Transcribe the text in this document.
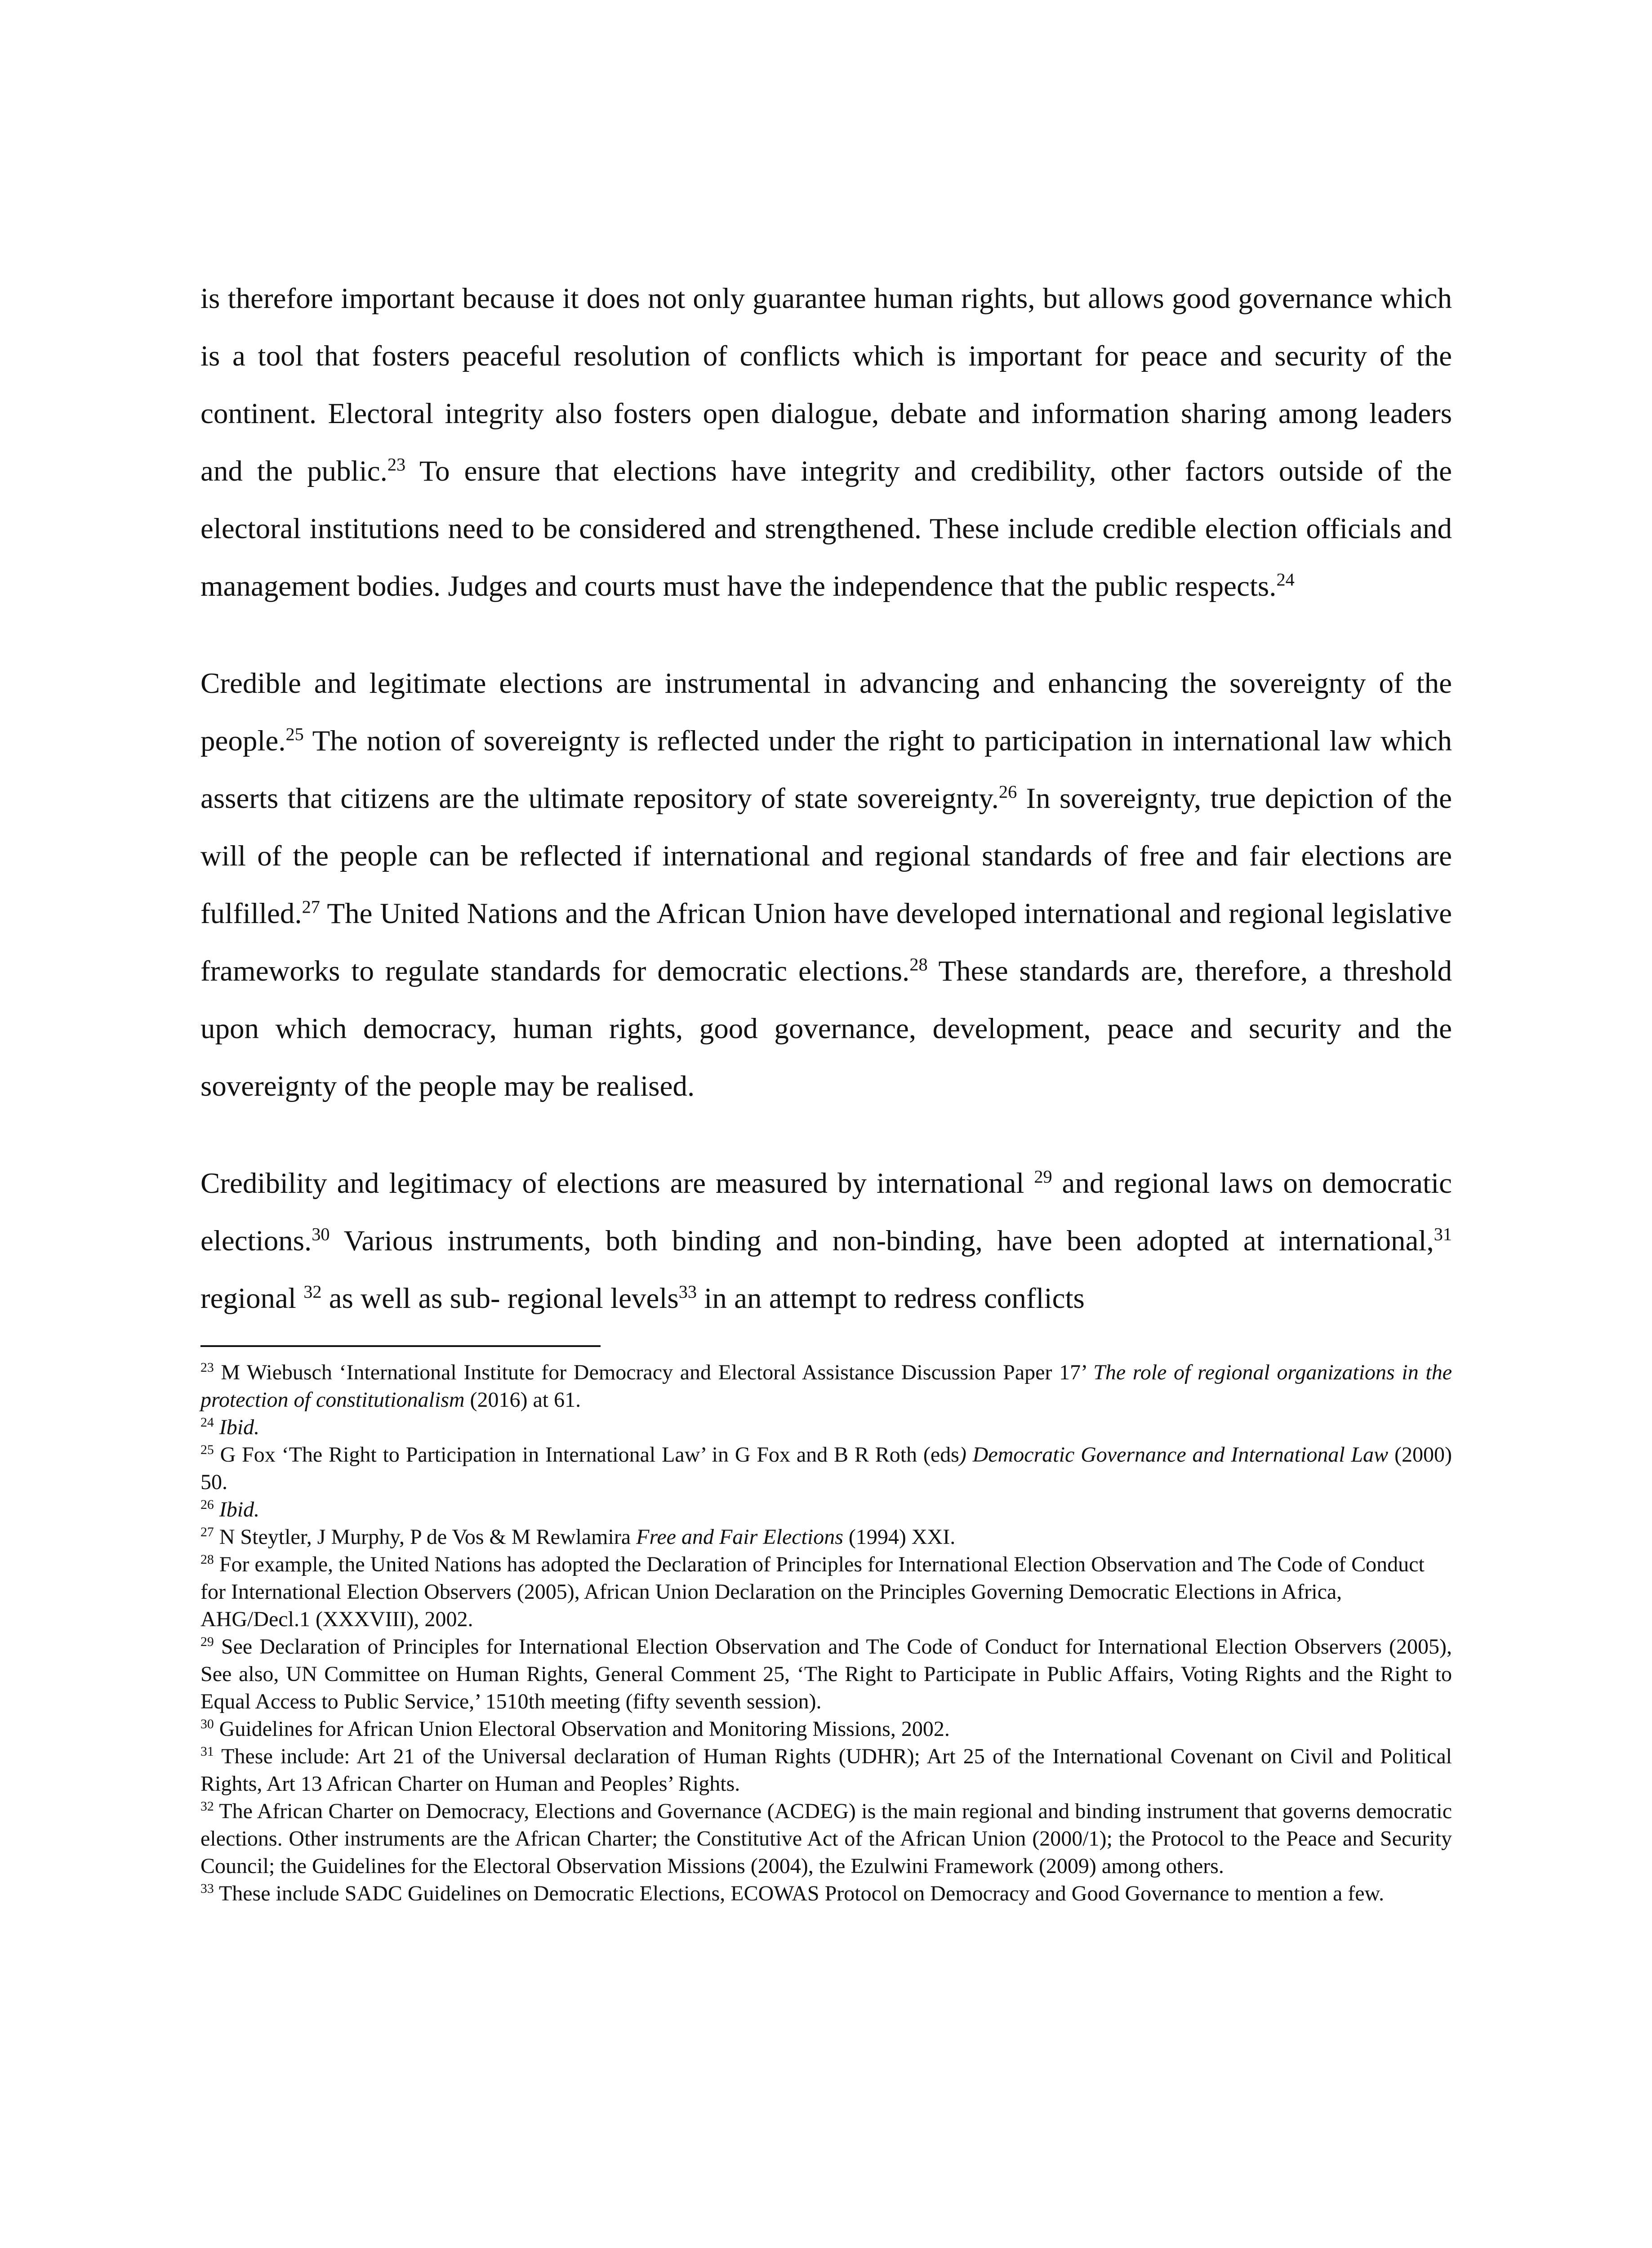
is therefore important because it does not only guarantee human rights, but allows good governance which is a tool that fosters peaceful resolution of conflicts which is important for peace and security of the continent. Electoral integrity also fosters open dialogue, debate and information sharing among leaders and the public.$^{23}$ To ensure that elections have integrity and credibility, other factors outside of the electoral institutions need to be considered and strengthened. These include credible election officials and management bodies. Judges and courts must have the independence that the public respects.$^{24}$

Credible and legitimate elections are instrumental in advancing and enhancing the sovereignty of the people.$^{25}$ The notion of sovereignty is reflected under the right to participation in international law which asserts that citizens are the ultimate repository of state sovereignty.$^{26}$ In sovereignty, true depiction of the will of the people can be reflected if international and regional standards of free and fair elections are fulfilled.$^{27}$ The United Nations and the African Union have developed international and regional legislative frameworks to regulate standards for democratic elections.$^{28}$ These standards are, therefore, a threshold upon which democracy, human rights, good governance, development, peace and security and the sovereignty of the people may be realised.

Credibility and legitimacy of elections are measured by international $^{29}$ and regional laws on democratic elections.$^{30}$ Various instruments, both binding and non-binding, have been adopted at international,$^{31}$ regional $^{32}$ as well as sub- regional levels$^{33}$ in an attempt to redress conflicts

$^{23}$ M Wiebusch ‘International Institute for Democracy and Electoral Assistance Discussion Paper 17’ The role of regional organizations in the protection of constitutionalism (2016) at 61.

$^{24}$ Ibid.

$^{25}$ G Fox ‘The Right to Participation in International Law’ in G Fox and B R Roth (eds) Democratic Governance and International Law (2000) 50.

$^{26}$ Ibid.

$^{27}$ N Steytler, J Murphy, P de Vos & M Rewlamira Free and Fair Elections (1994) XXI.

$^{28}$ For example, the United Nations has adopted the Declaration of Principles for International Election Observation and The Code of Conduct for International Election Observers (2005), African Union Declaration on the Principles Governing Democratic Elections in Africa, AHG/Decl.1 (XXXVIII), 2002.

$^{29}$ See Declaration of Principles for International Election Observation and The Code of Conduct for International Election Observers (2005), See also, UN Committee on Human Rights, General Comment 25, ‘The Right to Participate in Public Affairs, Voting Rights and the Right to Equal Access to Public Service,’ 1510th meeting (fifty seventh session).

$^{30}$ Guidelines for African Union Electoral Observation and Monitoring Missions, 2002.

$^{31}$ These include: Art 21 of the Universal declaration of Human Rights (UDHR); Art 25 of the International Covenant on Civil and Political Rights, Art 13 African Charter on Human and Peoples’ Rights.

$^{32}$ The African Charter on Democracy, Elections and Governance (ACDEG) is the main regional and binding instrument that governs democratic elections. Other instruments are the African Charter; the Constitutive Act of the African Union (2000/1); the Protocol to the Peace and Security Council; the Guidelines for the Electoral Observation Missions (2004), the Ezulwini Framework (2009) among others.

$^{33}$ These include SADC Guidelines on Democratic Elections, ECOWAS Protocol on Democracy and Good Governance to mention a few.
